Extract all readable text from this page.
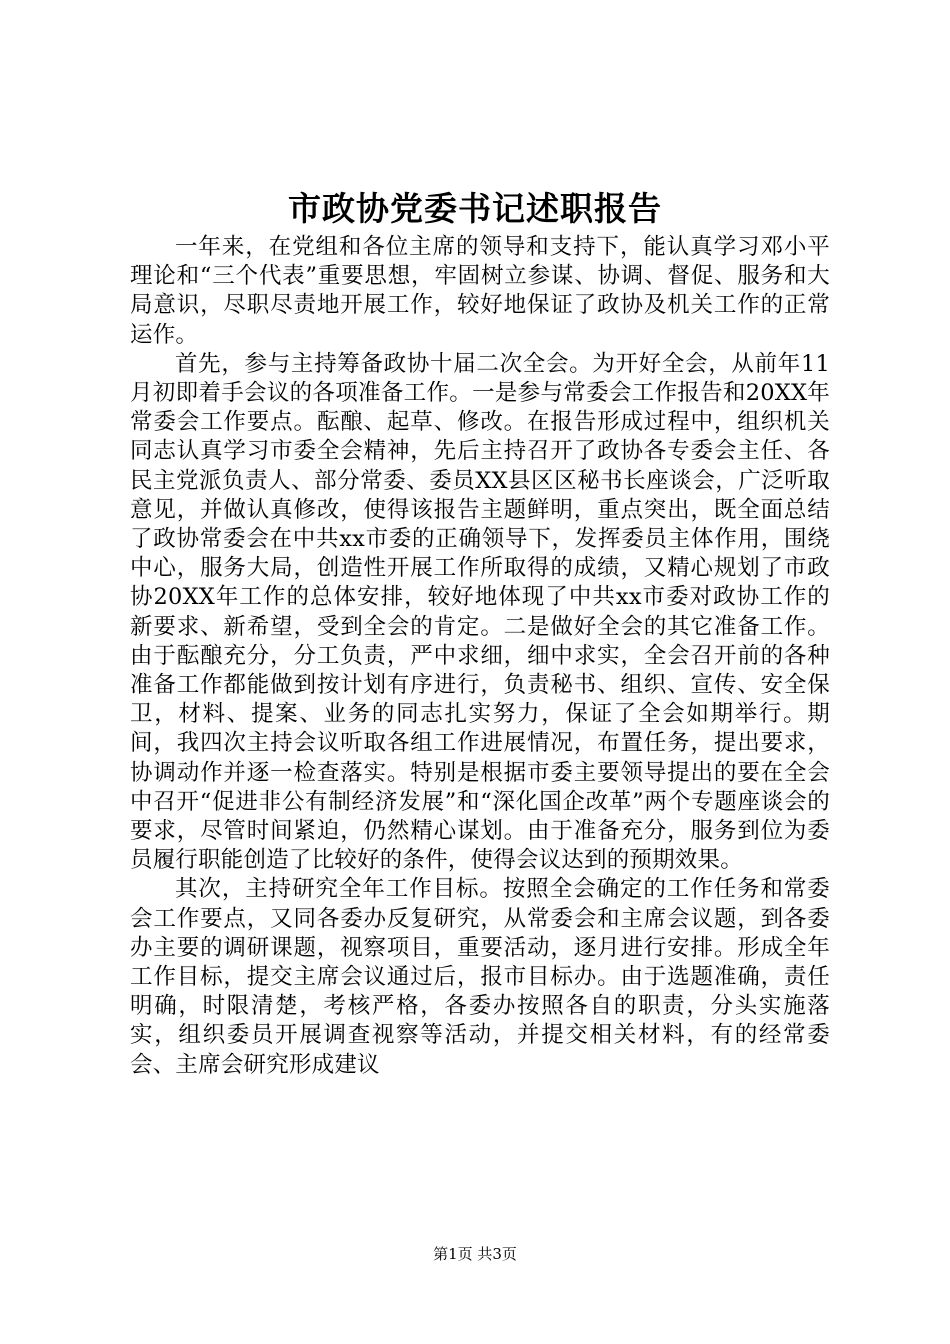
市政协党委书记述职报告

一年来，在党组和各位主席的领导和支持下，能认真学习邓小平理论和“三个代表”重要思想，牢固树立参谋、协调、督促、服务和大局意识，尽职尽责地开展工作，较好地保证了政协及机关工作的正常运作。

首先，参与主持筹备政协十届二次全会。为开好全会，从前年11月初即着手会议的各项准备工作。一是参与常委会工作报告和20XX年常委会工作要点。酝酿、起草、修改。在报告形成过程中，组织机关同志认真学习市委全会精神，先后主持召开了政协各专委会主任、各民主党派负责人、部分常委、委员XX县区区秘书长座谈会，广泛听取意见，并做认真修改，使得该报告主题鲜明，重点突出，既全面总结了政协常委会在中共xx市委的正确领导下，发挥委员主体作用，围绕中心，服务大局，创造性开展工作所取得的成绩，又精心规划了市政协20XX年工作的总体安排，较好地体现了中共xx市委对政协工作的新要求、新希望，受到全会的肯定。二是做好全会的其它准备工作。由于酝酿充分，分工负责，严中求细，细中求实，全会召开前的各种准备工作都能做到按计划有序进行，负责秘书、组织、宣传、安全保卫，材料、提案、业务的同志扎实努力，保证了全会如期举行。期间，我四次主持会议听取各组工作进展情况，布置任务，提出要求，协调动作并逐一检查落实。特别是根据市委主要领导提出的要在全会中召开“促进非公有制经济发展”和“深化国企改革”两个专题座谈会的要求，尽管时间紧迫，仍然精心谋划。由于准备充分，服务到位为委员履行职能创造了比较好的条件，使得会议达到的预期效果。

其次，主持研究全年工作目标。按照全会确定的工作任务和常委会工作要点，又同各委办反复研究，从常委会和主席会议题，到各委办主要的调研课题，视察项目，重要活动，逐月进行安排。形成全年工作目标，提交主席会议通过后，报市目标办。由于选题准确，责任明确，时限清楚，考核严格，各委办按照各自的职责，分头实施落实，组织委员开展调查视察等活动，并提交相关材料，有的经常委会、主席会研究形成建议

第1页 共3页
